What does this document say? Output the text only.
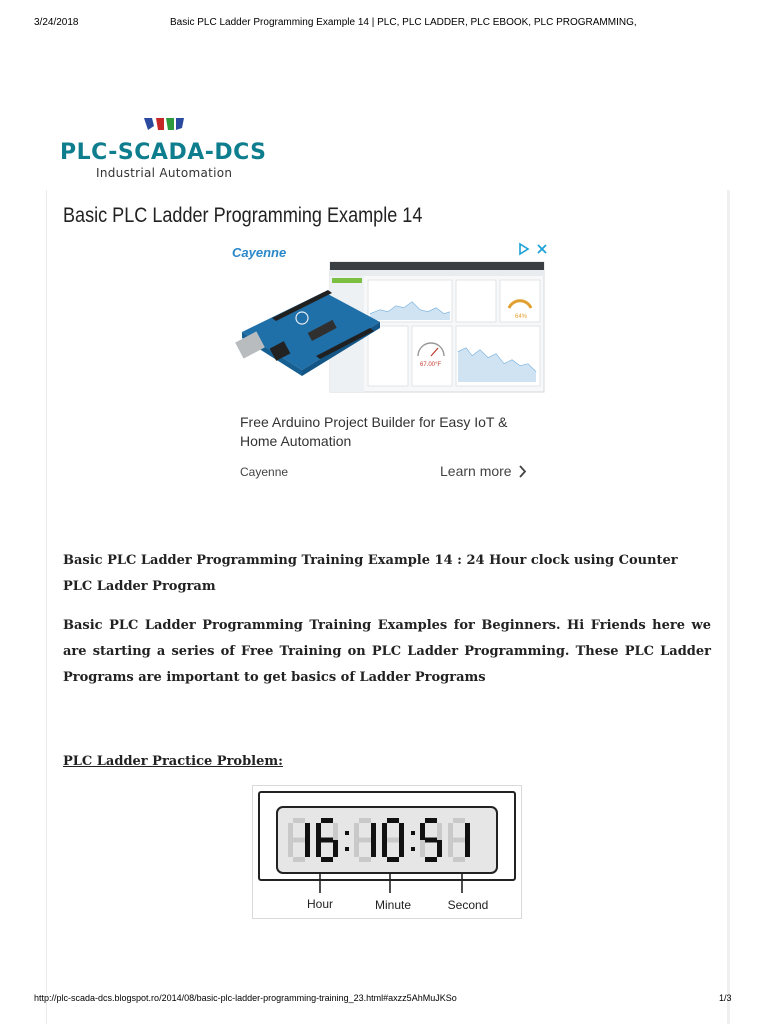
3/24/2018	Basic PLC Ladder Programming Example 14 | PLC, PLC LADDER, PLC EBOOK, PLC PROGRAMMING,
PLC-SCADA-DCS
Industrial Automation
Basic PLC Ladder Programming Example 14
Cayenne
64%
67.00°F
Free Arduino Project Builder for Easy IoT & Home Automation
Cayenne	Learn more

Basic PLC Ladder Programming Training Example 14 : 24 Hour clock using Counter PLC Ladder Program

Basic PLC Ladder Programming Training Examples for Beginners. Hi Friends here we are starting a series of Free Training on PLC Ladder Programming. These PLC Ladder Programs are important to get basics of Ladder Programs

PLC Ladder Practice Problem:
Hour	Minute	Second
http://plc-scada-dcs.blogspot.ro/2014/08/basic-plc-ladder-programming-training_23.html#axzz5AhMuJKSo	1/3
